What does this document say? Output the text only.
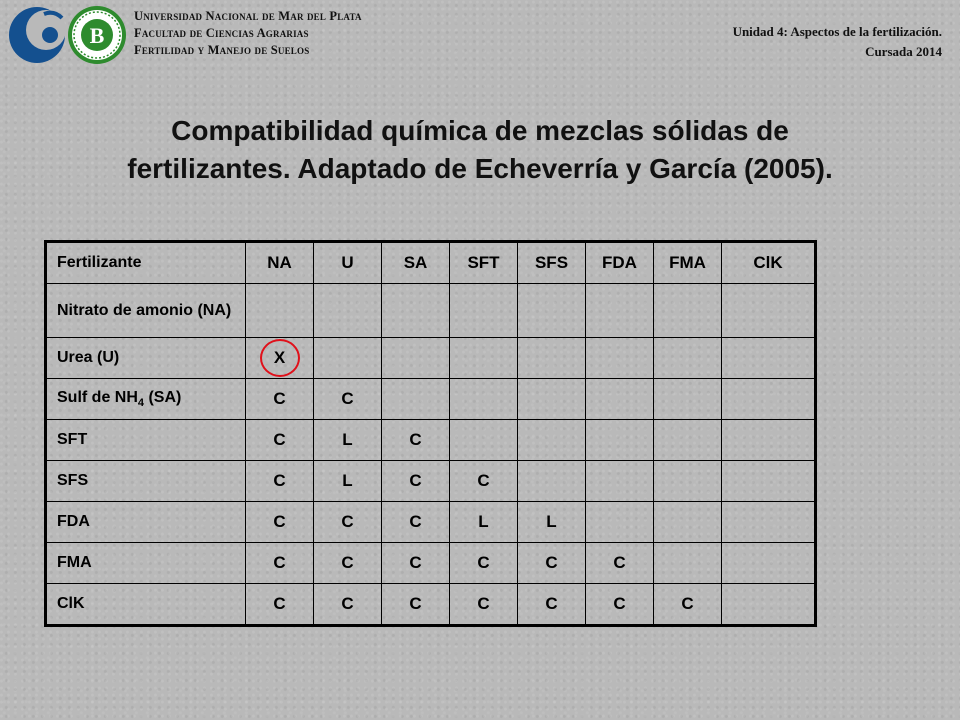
B
Universidad Nacional de Mar del Plata
Facultad de Ciencias Agrarias
Fertilidad y Manejo de Suelos
Unidad 4: Aspectos de la fertilización.
Cursada 2014
Compatibilidad química de mezclas sólidas de
fertilizantes. Adaptado de Echeverría y García (2005).
Fertilizante	NA	U	SA	SFT	SFS	FDA	FMA	ClK
Nitrato de amonio (NA)								
Urea (U)	X							
Sulf de $NH_4$ (SA)	C	C						
SFT	C	L	C					
SFS	C	L	C	C				
FDA	C	C	C	L	L			
FMA	C	C	C	C	C	C		
ClK	C	C	C	C	C	C	C	
